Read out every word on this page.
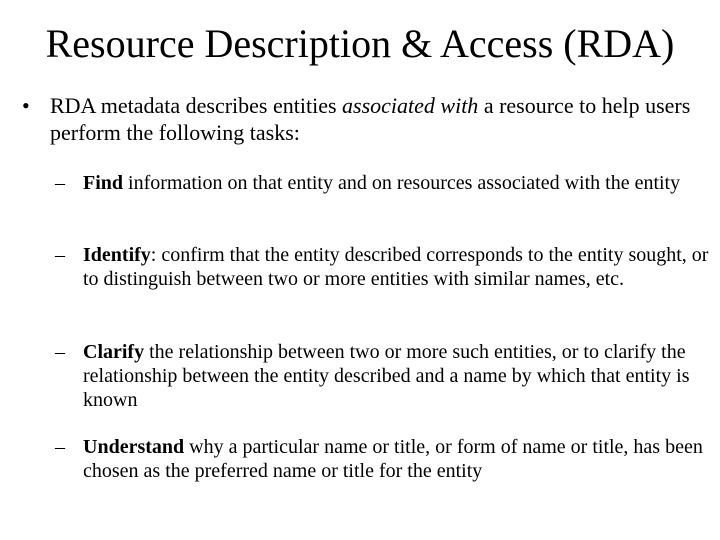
Resource Description & Access (RDA)
• RDA metadata describes entities associated with a resource to help users perform the following tasks:
– Find information on that entity and on resources associated with the entity
– Identify: confirm that the entity described corresponds to the entity sought, or to distinguish between two or more entities with similar names, etc.
– Clarify the relationship between two or more such entities, or to clarify the relationship between the entity described and a name by which that entity is known
– Understand why a particular name or title, or form of name or title, has been chosen as the preferred name or title for the entity
